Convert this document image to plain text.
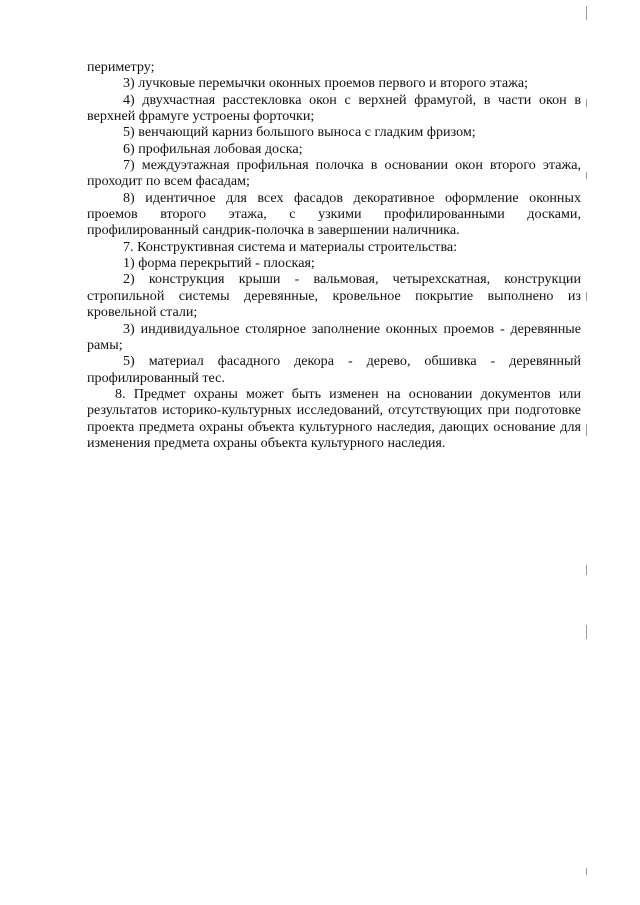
периметру;

3) лучковые перемычки оконных проемов первого и второго этажа;

4) двухчастная расстекловка окон с верхней фрамугой, в части окон в верхней фрамуге устроены форточки;

5) венчающий карниз большого выноса с гладким фризом;

6) профильная лобовая доска;

7) междуэтажная профильная полочка в основании окон второго этажа, проходит по всем фасадам;

8) идентичное для всех фасадов декоративное оформление оконных проемов второго этажа, с узкими профилированными досками, профилированный сандрик-полочка в завершении наличника.

7. Конструктивная система и материалы строительства:

1) форма перекрытий - плоская;

2) конструкция крыши - вальмовая, четырехскатная, конструкции стропильной системы деревянные, кровельное покрытие выполнено из кровельной стали;

3) индивидуальное столярное заполнение оконных проемов - деревянные рамы;

5) материал фасадного декора - дерево, обшивка - деревянный профилированный тес.

8. Предмет охраны может быть изменен на основании документов или результатов историко-культурных исследований, отсутствующих при подготовке проекта предмета охраны объекта культурного наследия, дающих основание для изменения предмета охраны объекта культурного наследия.
